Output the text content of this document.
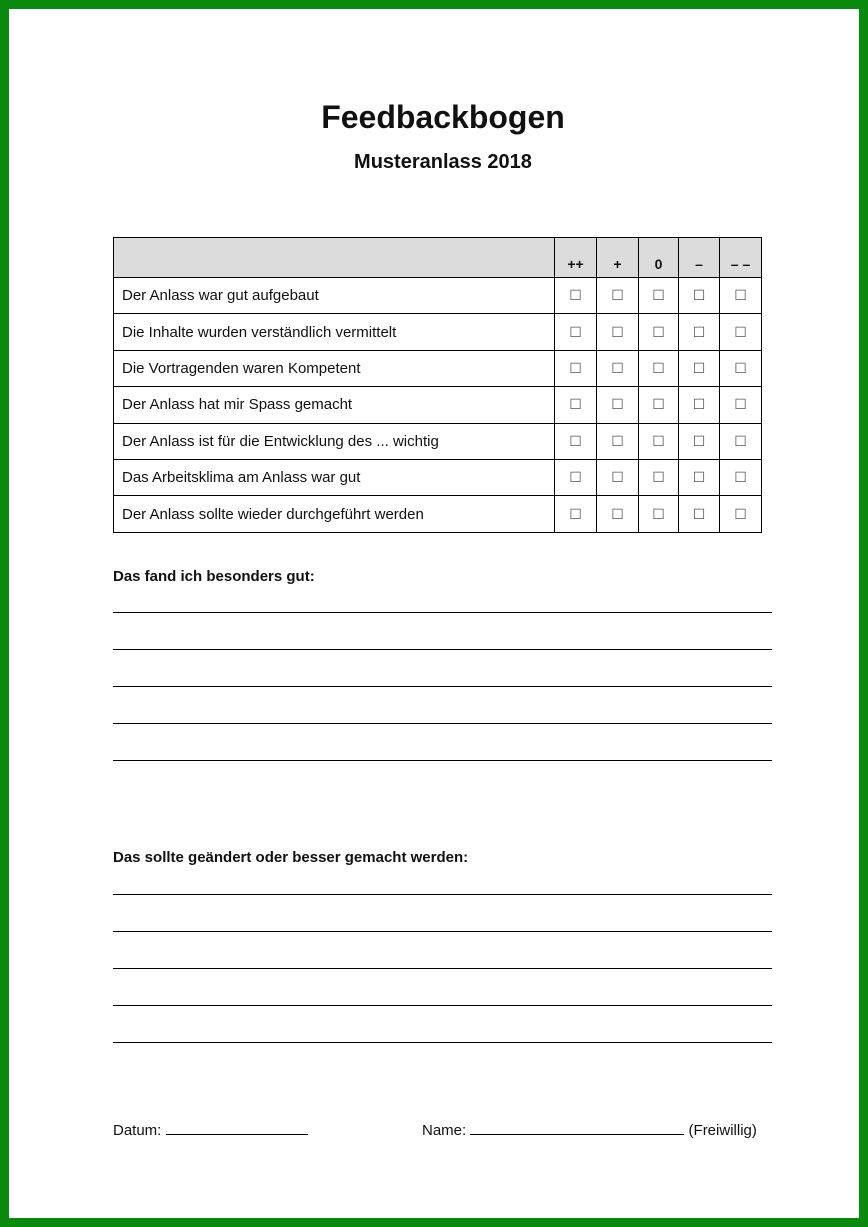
Feedbackbogen
Musteranlass 2018
	++	+	0	–	– –
Der Anlass war gut aufgebaut	☐	☐	☐	☐	☐
Die Inhalte wurden verständlich vermittelt	☐	☐	☐	☐	☐
Die Vortragenden waren Kompetent	☐	☐	☐	☐	☐
Der Anlass hat mir Spass gemacht	☐	☐	☐	☐	☐
Der Anlass ist für die Entwicklung des ... wichtig	☐	☐	☐	☐	☐
Das Arbeitsklima am Anlass war gut	☐	☐	☐	☐	☐
Der Anlass sollte wieder durchgeführt werden	☐	☐	☐	☐	☐
Das fand ich besonders gut:
Das sollte geändert oder besser gemacht werden:
Datum:	Name:	(Freiwillig)
